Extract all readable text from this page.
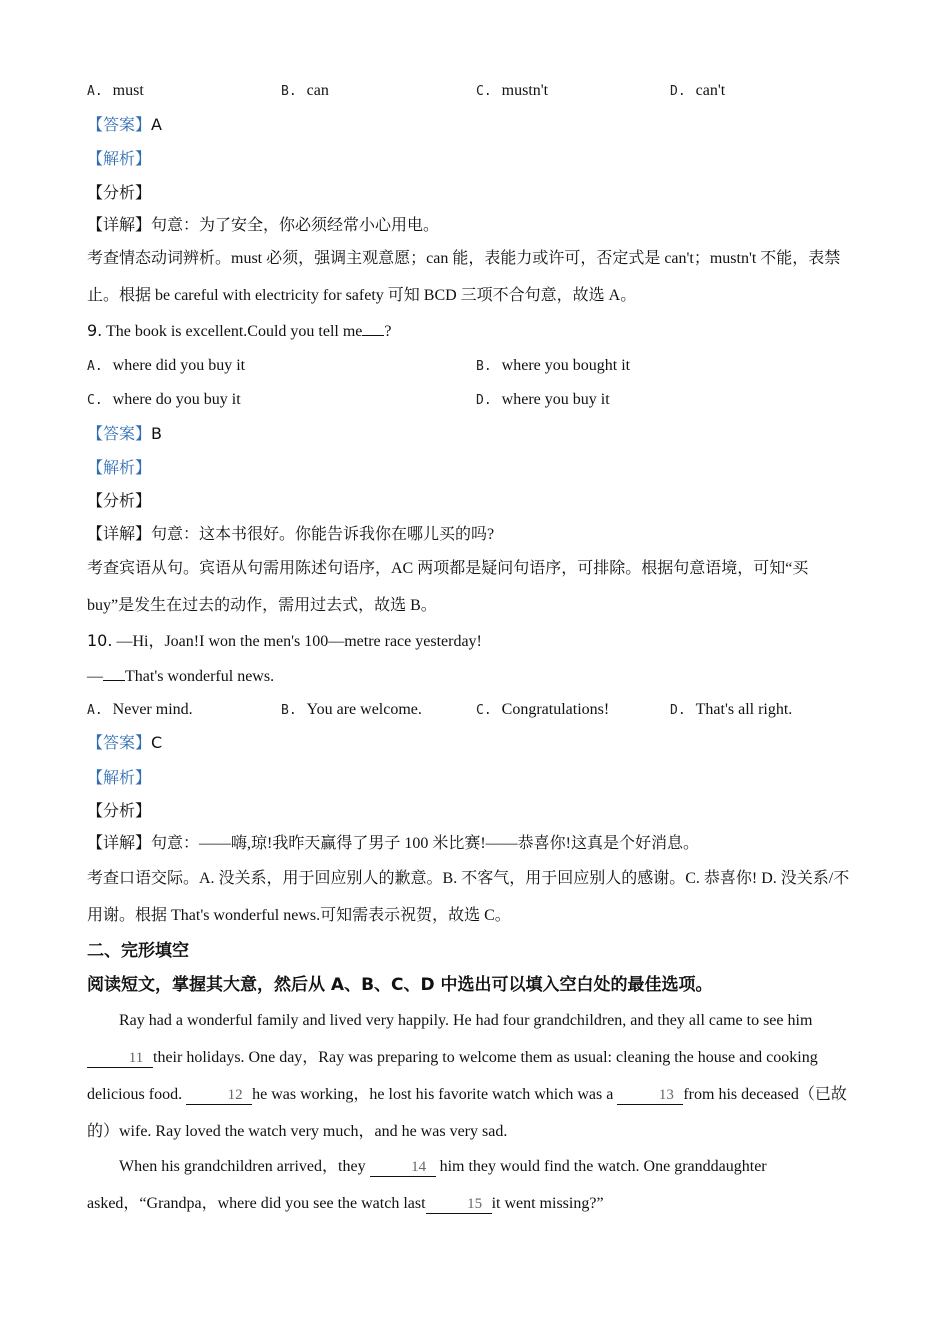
A. must	B. can	C. mustn't	D. can't
【答案】A
【解析】
【分析】
【详解】句意：为了安全，你必须经常小心用电。
考查情态动词辨析。must 必须，强调主观意愿；can 能，表能力或许可，否定式是 can't；mustn't 不能，表禁止。根据 be careful with electricity for safety 可知 BCD 三项不合句意，故选 A。
9. The book is excellent.Could you tell me ?
A. where did you buy it	B. where you bought it
C. where do you buy it	D. where you buy it
【答案】B
【解析】
【分析】
【详解】句意：这本书很好。你能告诉我你在哪儿买的吗?
考查宾语从句。宾语从句需用陈述句语序，AC 两项都是疑问句语序，可排除。根据句意语境，可知“买 buy”是发生在过去的动作，需用过去式，故选 B。
10. —Hi，Joan!I won the men's 100—metre race yesterday!
— That's wonderful news.
A. Never mind.	B. You are welcome.	C. Congratulations!	D. That's all right.
【答案】C
【解析】
【分析】
【详解】句意：——嗨,琼!我昨天赢得了男子 100 米比赛!——恭喜你!这真是个好消息。
考查口语交际。A. 没关系，用于回应别人的歉意。B. 不客气，用于回应别人的感谢。C. 恭喜你! D. 没关系/不用谢。根据 That's wonderful news.可知需表示祝贺，故选 C。
二、完形填空
阅读短文，掌握其大意，然后从 A、B、C、D 中选出可以填入空白处的最佳选项。
Ray had a wonderful family and lived very happily. He had four grandchildren, and they all came to see him11 their holidays. One day，Ray was preparing to welcome them as usual: cleaning the house and cooking delicious food.	12 he was working，he lost his favorite watch which was a	13 from his deceased（已故的）wife. Ray loved the watch very much，and he was very sad.
When his grandchildren arrived，they	14 him they would find the watch. One granddaughter asked，“Grandpa，where did you see the watch last	15 it went missing?”
